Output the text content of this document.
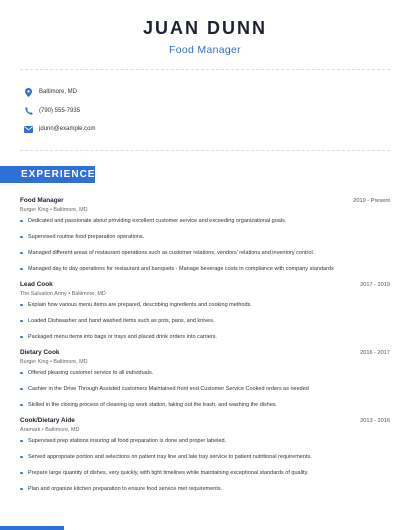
JUAN DUNN
Food Manager
Baltimore, MD
(790) 555-7935
jdunn@example.com
EXPERIENCE
Food Manager	2019 - Present
Burger King • Baltimore, MD
Dedicated and passionate about providing excellent customer service and exceeding organizational goals.
Supervised routine food preparation operations.
Managed different areas of restaurant operations such as customer relations, vendors' relations and inventory control.
Managed day to day operations for restaurant and banquets - Manage beverage costs in compliance with company standards
Lead Cook	2017 - 2019
The Salvation Army • Baltimore, MD
Explain how various menu items are prepared, describing ingredients and cooking methods.
Loaded Dishwasher and hand washed items such as pots, pans, and knives.
Packaged menu items into bags or trays and placed drink orders into carriers.
Dietary Cook	2016 - 2017
Burger King • Baltimore, MD
Offered pleasing customer service to all individuals.
Cashier in the Drive Through Assisted customers Maintained front end Customer Service Cooked orders as needed
Skilled in the closing process of cleaning up work station, taking out the trash, and washing the dishes.
Cook/Dietary Aide	2013 - 2016
Aramark • Baltimore, MD
Supervised prep stations insuring all food preparation is done and proper labeled.
Served appropriate portion and selections on patient tray line and late tray service to patient nutritional requirements.
Prepare large quantity of dishes, very quickly, with tight timelines while maintaining exceptional standards of quality.
Plan and organize kitchen preparation to ensure food service met requirements.
